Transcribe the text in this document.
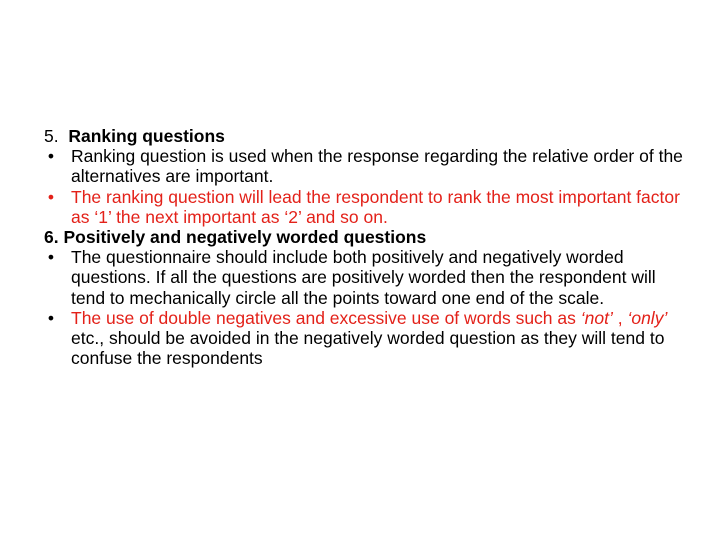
5. Ranking questions

• Ranking question is used when the response regarding the relative order of the alternatives are important.

• The ranking question will lead the respondent to rank the most important factor as ‘1’ the next important as ‘2’ and so on.

6. Positively and negatively worded questions

• The questionnaire should include both positively and negatively worded questions. If all the questions are positively worded then the respondent will tend to mechanically circle all the points toward one end of the scale.

• The use of double negatives and excessive use of words such as ‘not’ , ‘only’ etc., should be avoided in the negatively worded question as they will tend to confuse the respondents
